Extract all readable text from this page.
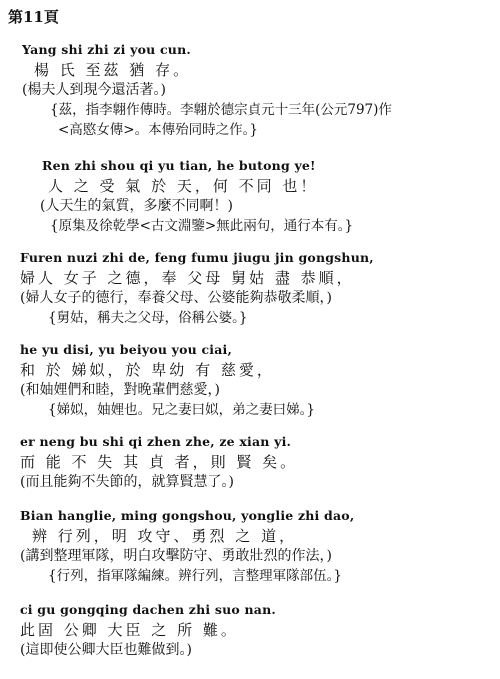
第11頁
Yang shi zhi zi you cun.
楊 氏 至茲 猶 存。
(楊夫人到現今還活著。)
{茲，指李翺作傳時。李翺於德宗貞元十三年(公元797)作
<高愍女傳>。本傳殆同時之作。}
Ren zhi shou qi yu tian, he butong ye!
人 之 受 氣 於 天，何 不同 也！
(人天生的氣質，多麼不同啊！)
{原集及徐乾學<古文淵鑒>無此兩句，通行本有。}
Furen nuzi zhi de, feng fumu jiugu jin gongshun,
婦人 女子 之德，奉 父母 舅姑 盡 恭順，
(婦人女子的德行，奉養父母、公婆能夠恭敬柔順，)
{舅姑，稱夫之父母，俗稱公婆。}
he yu disi, yu beiyou you ciai,
和 於 娣姒，於 卑幼 有 慈愛，
(和妯娌們和睦，對晚輩們慈愛，)
{娣姒，妯娌也。兄之妻曰姒，弟之妻曰娣。}
er neng bu shi qi zhen zhe, ze xian yi.
而 能 不 失 其 貞 者，則 賢 矣。
(而且能夠不失節的，就算賢慧了。)
Bian hanglie, ming gongshou, yonglie zhi dao,
辨 行列，明 攻守、勇烈 之 道，
(講到整理軍隊，明白攻擊防守、勇敢壯烈的作法，)
{行列，指軍隊編練。辨行列，言整理軍隊部伍。}
ci gu gongqing dachen zhi suo nan.
此固 公卿 大臣 之 所 難。
(這即使公卿大臣也難做到。)
